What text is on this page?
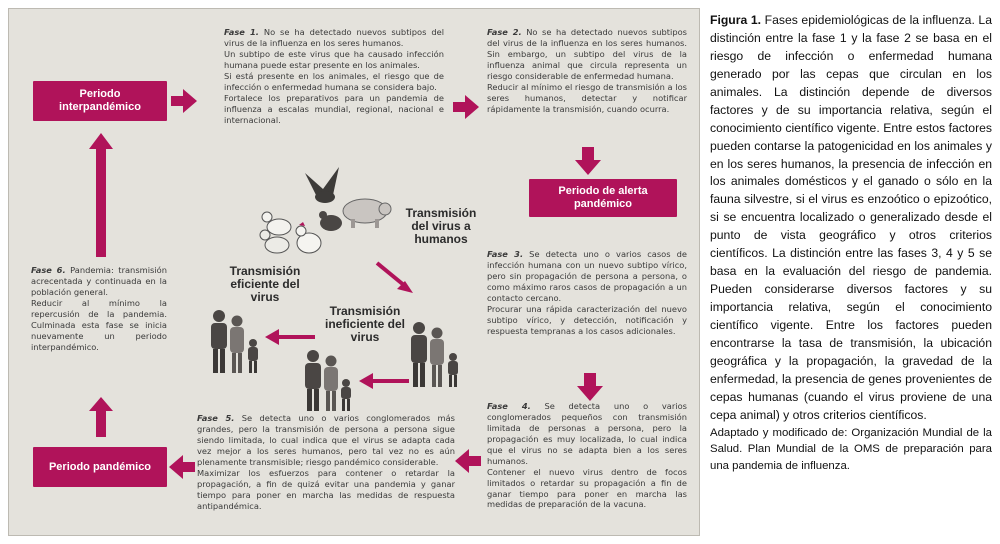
Periodo interpandémico
Periodo de alerta pandémico
Periodo pandémico

Fase 1. No se ha detectado nuevos subtipos del virus de la influenza en los seres humanos.

Un subtipo de este virus que ha causado infección humana puede estar presente en los animales.

Si está presente en los animales, el riesgo que de infección o enfermedad humana se considera bajo.

Fortalece los preparativos para un pandemia de influenza a escalas mundial, regional, nacional e internacional.

Fase 2. No se ha detectado nuevos subtipos del virus de la influenza en los seres humanos. Sin embargo, un subtipo del virus de la influenza animal que circula representa un riesgo considerable de enfermedad humana.

Reducir al mínimo el riesgo de transmisión a los seres humanos, detectar y notificar rápidamente la transmisión, cuando ocurra.

Fase 3. Se detecta uno o varios casos de infección humana con un nuevo subtipo vírico, pero sin propagación de persona a persona, o como máximo raros casos de propagación a un contacto cercano.

Procurar una rápida caracterización del nuevo subtipo vírico, y detección, notificación y respuesta tempranas a los casos adicionales.

Fase 4. Se detecta uno o varios conglomerados pequeños con transmisión limitada de personas a persona, pero la propagación es muy localizada, lo cual indica que el virus no se adapta bien a los seres humanos.

Contener el nuevo virus dentro de focos limitados o retardar su propagación a fin de ganar tiempo para poner en marcha las medidas de preparación de la vacuna.

Fase 5. Se detecta uno o varios conglomerados más grandes, pero la transmisión de persona a persona sigue siendo limitada, lo cual indica que el virus se adapta cada vez mejor a los seres humanos, pero tal vez no es aún plenamente transmisible; riesgo pandémico considerable.

Maximizar los esfuerzos para contener o retardar la propagación, a fin de quizá evitar una pandemia y ganar tiempo para poner en marcha las medidas de respuesta antipandémica.

Fase 6. Pandemia: transmisión acrecentada y continuada en la población general.

Reducir al mínimo la repercusión de la pandemia. Culminada esta fase se inicia nuevamente un periodo interpandémico.

Transmisión del virus a humanos
Transmisión eficiente del virus
Transmisión ineficiente del virus

Figura 1. Fases epidemiológicas de la influenza. La distinción entre la fase 1 y la fase 2 se basa en el riesgo de infección o enfermedad humana generado por las cepas que circulan en los animales. La distinción depende de diversos factores y de su importancia relativa, según el conocimiento científico vigente. Entre estos factores pueden contarse la patogenicidad en los animales y en los seres humanos, la presencia de infección en los animales domésticos y el ganado o sólo en la fauna silvestre, si el virus es enzoótico o epizoótico, si se encuentra localizado o generalizado desde el punto de vista geográfico y otros criterios científicos. La distinción entre las fases 3, 4 y 5 se basa en la evaluación del riesgo de pandemia. Pueden considerarse diversos factores y su importancia relativa, según el conocimiento científico vigente. Entre los factores pueden encontrarse la tasa de transmisión, la ubicación geográfica y la propagación, la gravedad de la enfermedad, la presencia de genes provenientes de cepas humanas (cuando el virus proviene de una cepa animal) y otros criterios científicos.

Adaptado y modificado de: Organización Mundial de la Salud. Plan Mundial de la OMS de preparación para una pandemia de influenza.
